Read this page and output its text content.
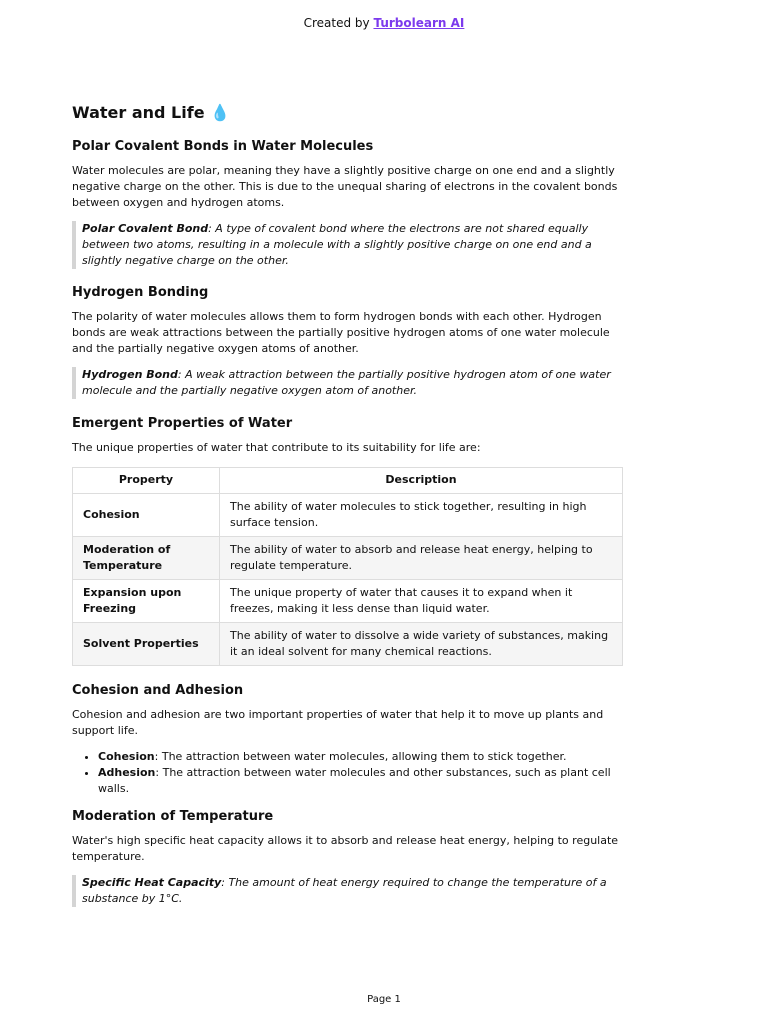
Created by Turbolearn AI
Water and Life 💧
Polar Covalent Bonds in Water Molecules

Water molecules are polar, meaning they have a slightly positive charge on one end and a slightly negative charge on the other. This is due to the unequal sharing of electrons in the covalent bonds between oxygen and hydrogen atoms.

Polar Covalent Bond: A type of covalent bond where the electrons are not shared equally between two atoms, resulting in a molecule with a slightly positive charge on one end and a slightly negative charge on the other.
Hydrogen Bonding

The polarity of water molecules allows them to form hydrogen bonds with each other. Hydrogen bonds are weak attractions between the partially positive hydrogen atoms of one water molecule and the partially negative oxygen atoms of another.

Hydrogen Bond: A weak attraction between the partially positive hydrogen atom of one water molecule and the partially negative oxygen atom of another.
Emergent Properties of Water

The unique properties of water that contribute to its suitability for life are:

Property	Description
Cohesion	The ability of water molecules to stick together, resulting in high surface tension.
Moderation of Temperature	The ability of water to absorb and release heat energy, helping to regulate temperature.
Expansion upon Freezing	The unique property of water that causes it to expand when it freezes, making it less dense than liquid water.
Solvent Properties	The ability of water to dissolve a wide variety of substances, making it an ideal solvent for many chemical reactions.
Cohesion and Adhesion

Cohesion and adhesion are two important properties of water that help it to move up plants and support life.

• Cohesion: The attraction between water molecules, allowing them to stick together.
• Adhesion: The attraction between water molecules and other substances, such as plant cell walls.
Moderation of Temperature

Water's high specific heat capacity allows it to absorb and release heat energy, helping to regulate temperature.

Specific Heat Capacity: The amount of heat energy required to change the temperature of a substance by 1°C.
Page 1
